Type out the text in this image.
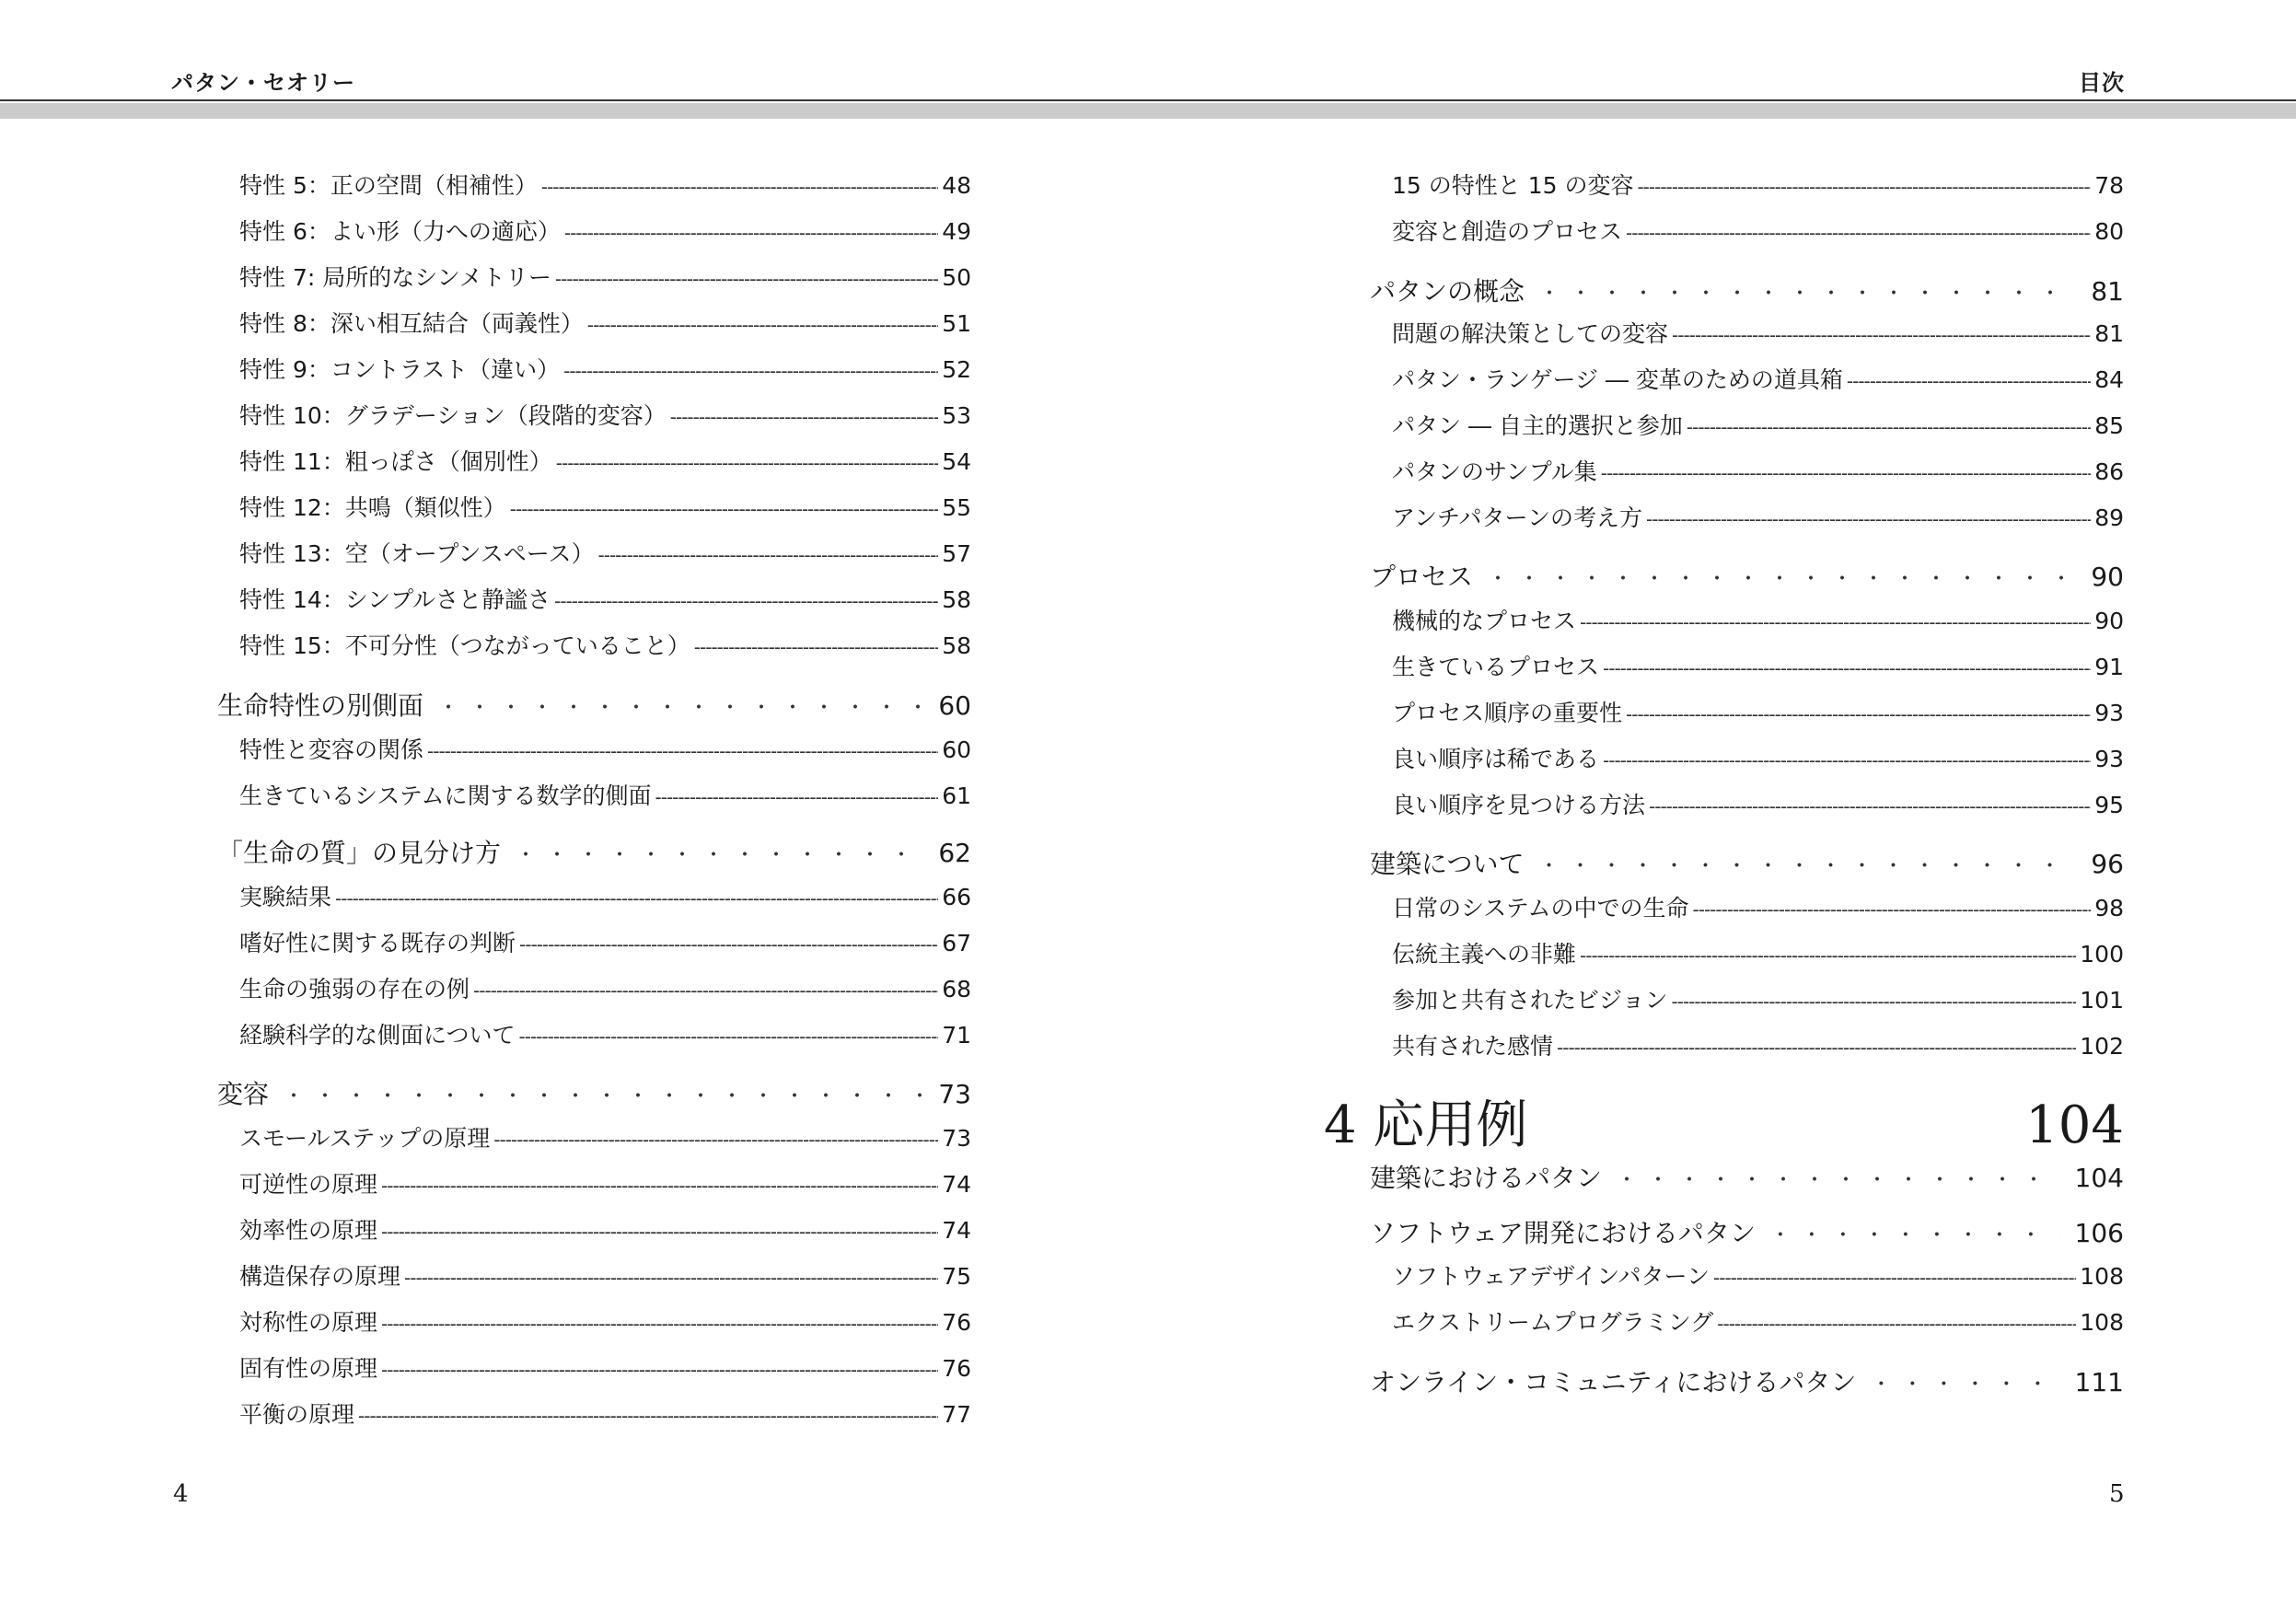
パタン・セオリー	目次
特性 5：正の空間（相補性） -----	48
特性 6：よい形（力への適応） -----	49
特性 7: 局所的なシンメトリー -----	50
特性 8：深い相互結合（両義性） -----	51
特性 9：コントラスト（違い） -----	52
特性 10：グラデーション（段階的変容） -----	53
特性 11：粗っぽさ（個別性） -----	54
特性 12：共鳴（類似性） -----	55
特性 13：空（オープンスペース） -----	57
特性 14：シンプルさと静謐さ -----	58
特性 15：不可分性（つながっていること） -----	58
生命特性の別側面 ・・・・・・・・・・・・・・・・・・・・・・・・・・・・・・・・・・・・・・・・	60
特性と変容の関係 -----	60
生きているシステムに関する数学的側面 -----	61
「生命の質」の見分け方 ・・・・・・・・・・・・・・・・・・・・・・・・・・・・・・・・・・・・・・・・	62
実験結果 -----	66
嗜好性に関する既存の判断 -----	67
生命の強弱の存在の例 -----	68
経験科学的な側面について -----	71
変容 ・・・・・・・・・・・・・・・・・・・・・・・・・・・・・・・・・・・・・・・・	73
スモールステップの原理 -----	73
可逆性の原理 -----	74
効率性の原理 -----	74
構造保存の原理 -----	75
対称性の原理 -----	76
固有性の原理 -----	76
平衡の原理 -----	77
4
15 の特性と 15 の変容 -----	78
変容と創造のプロセス -----	80
パタンの概念 ・・・・・・・・・・・・・・・・・・・・・・・・・・・・・・・・・・・・・・・・	81
問題の解決策としての変容 -----	81
パタン・ランゲージ ― 変革のための道具箱 -----	84
パタン ― 自主的選択と参加 -----	85
パタンのサンプル集 -----	86
アンチパターンの考え方 -----	89
プロセス ・・・・・・・・・・・・・・・・・・・・・・・・・・・・・・・・・・・・・・・・	90
機械的なプロセス -----	90
生きているプロセス -----	91
プロセス順序の重要性 -----	93
良い順序は稀である -----	93
良い順序を見つける方法 -----	95
建築について ・・・・・・・・・・・・・・・・・・・・・・・・・・・・・・・・・・・・・・・・	96
日常のシステムの中での生命 -----	98
伝統主義への非難 -----	100
参加と共有されたビジョン -----	101
共有された感情 -----	102
4 応用例	104
建築におけるパタン ・・・・・・・・・・・・・・・・・・・・・・・・・・・・・・・・・・・・・・・・	104
ソフトウェア開発におけるパタン ・・・・・・・・・・・・・・・・・・・・・・・・・・・・・・・・・・・・・・・・	106
ソフトウェアデザインパターン -----	108
エクストリームプログラミング -----	108
オンライン・コミュニティにおけるパタン ・・・・・・・・・・・・・・・・・・・・・・・・・・・・・・・・・・・・・・・・	111
5
